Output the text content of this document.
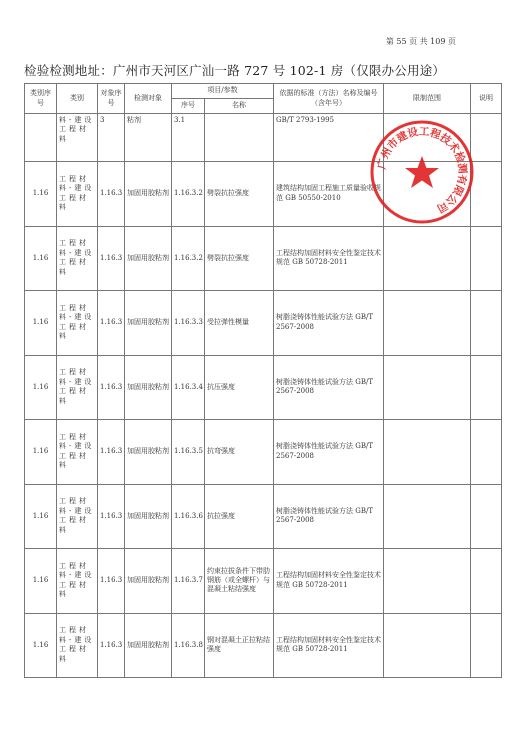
第 55 页 共 109 页
检验检测地址：广州市天河区广汕一路 727 号 102-1 房（仅限办公用途）
类别序号	类别	对象序号	检测对象	项目/参数		依据的标准（方法）名称及编号（含年号）	限制范围	说明
				序号	名称			
	料-建设工程材料	3	粘剂	3.1		GB/T 2793-1995		
1.16	工程材料-建设工程材料	1.16.3	加固用胶粘剂	1.16.3.2	劈裂抗拉强度	建筑结构加固工程施工质量验收规范 GB 50550-2010		
1.16	工程材料-建设工程材料	1.16.3	加固用胶粘剂	1.16.3.2	劈裂抗拉强度	工程结构加固材料安全性鉴定技术规范 GB 50728-2011		
1.16	工程材料-建设工程材料	1.16.3	加固用胶粘剂	1.16.3.3	受拉弹性模量	树脂浇铸体性能试验方法 GB/T 2567-2008		
1.16	工程材料-建设工程材料	1.16.3	加固用胶粘剂	1.16.3.4	抗压强度	树脂浇铸体性能试验方法 GB/T 2567-2008		
1.16	工程材料-建设工程材料	1.16.3	加固用胶粘剂	1.16.3.5	抗弯强度	树脂浇铸体性能试验方法 GB/T 2567-2008		
1.16	工程材料-建设工程材料	1.16.3	加固用胶粘剂	1.16.3.6	抗拉强度	树脂浇铸体性能试验方法 GB/T 2567-2008		
1.16	工程材料-建设工程材料	1.16.3	加固用胶粘剂	1.16.3.7	约束拉拔条件下带肋钢筋（或全螺杆）与混凝土粘结强度	工程结构加固材料安全性鉴定技术规范 GB 50728-2011		
1.16	工程材料-建设工程材料	1.16.3	加固用胶粘剂	1.16.3.8	钢对混凝土正拉粘结强度	工程结构加固材料安全性鉴定技术规范 GB 50728-2011		
广州市建设工程技术检测有限公司
